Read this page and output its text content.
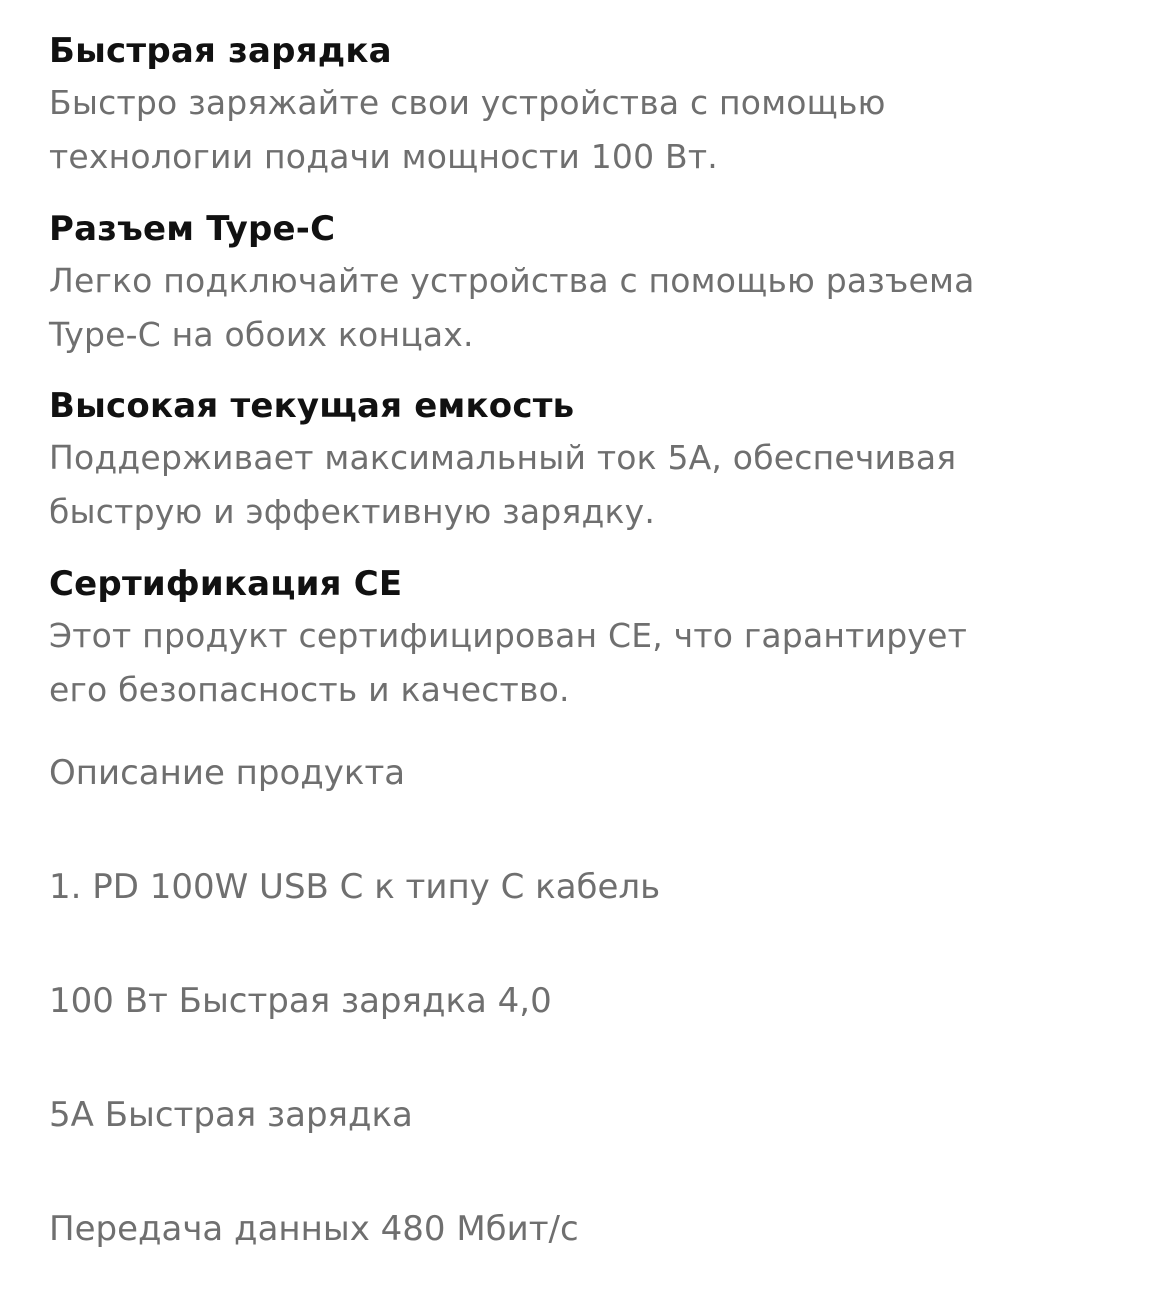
Быстрая зарядка

Быстро заряжайте свои устройства с помощью

технологии подачи мощности 100 Вт.

Разъем Type-C

Легко подключайте устройства с помощью разъема

Type-C на обоих концах.

Высокая текущая емкость

Поддерживает максимальный ток 5А, обеспечивая

быструю и эффективную зарядку.

Сертификация CE

Этот продукт сертифицирован CE, что гарантирует

его безопасность и качество.

Описание продукта

1. PD 100W USB C к типу C кабель

100 Вт Быстрая зарядка 4,0

5A Быстрая зарядка

Передача данных 480 Мбит/с
